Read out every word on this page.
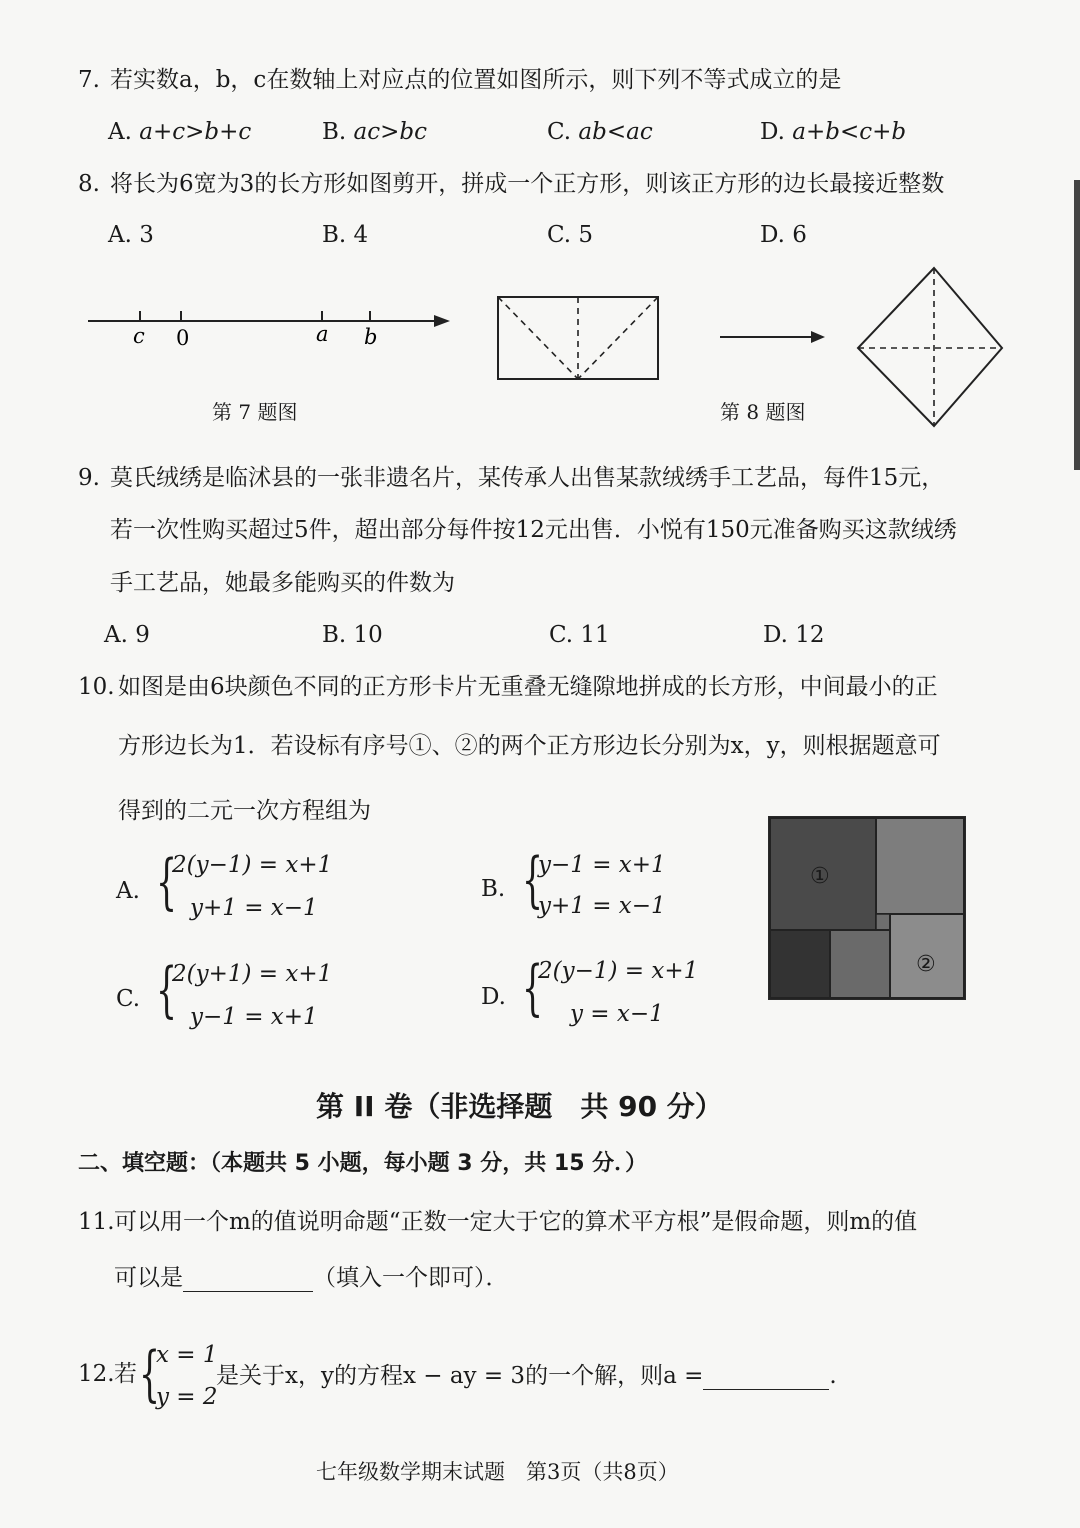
7. 若实数a，b，c在数轴上对应点的位置如图所示，则下列不等式成立的是
A. a+c>b+c	B. ac>bc	C. ab<ac	D. a+b<c+b
8. 将长为6宽为3的长方形如图剪开，拼成一个正方形，则该正方形的边长最接近整数
A. 3	B. 4	C. 5	D. 6
c 0	a b
第 7 题图	第 8 题图
9. 莫氏绒绣是临沭县的一张非遗名片，某传承人出售某款绒绣手工艺品，每件15元，
若一次性购买超过5件，超出部分每件按12元出售．小悦有150元准备购买这款绒绣
手工艺品，她最多能购买的件数为
A. 9	B. 10	C. 11	D. 12
10. 如图是由6块颜色不同的正方形卡片无重叠无缝隙地拼成的长方形，中间最小的正
方形边长为1．若设标有序号①、②的两个正方形边长分别为x，y，则根据题意可
得到的二元一次方程组为
A. {
2(y−1) = x+1
y+1 = x−1
B. {
y−1 = x+1
y+1 = x−1
C. {
2(y+1) = x+1
y−1 = x+1
D. {
2(y−1) = x+1
y = x−1
①
②
第 II 卷（非选择题　共 90 分）
二、填空题：（本题共 5 小题，每小题 3 分，共 15 分．）
11. 可以用一个m的值说明命题“正数一定大于它的算术平方根”是假命题，则m的值
可以是	（填入一个即可）．
12. 若 {
x = 1
y = 2
是关于x，y的方程x − ay = 3的一个解，则a =	.
七年级数学期末试题　第3页（共8页）
